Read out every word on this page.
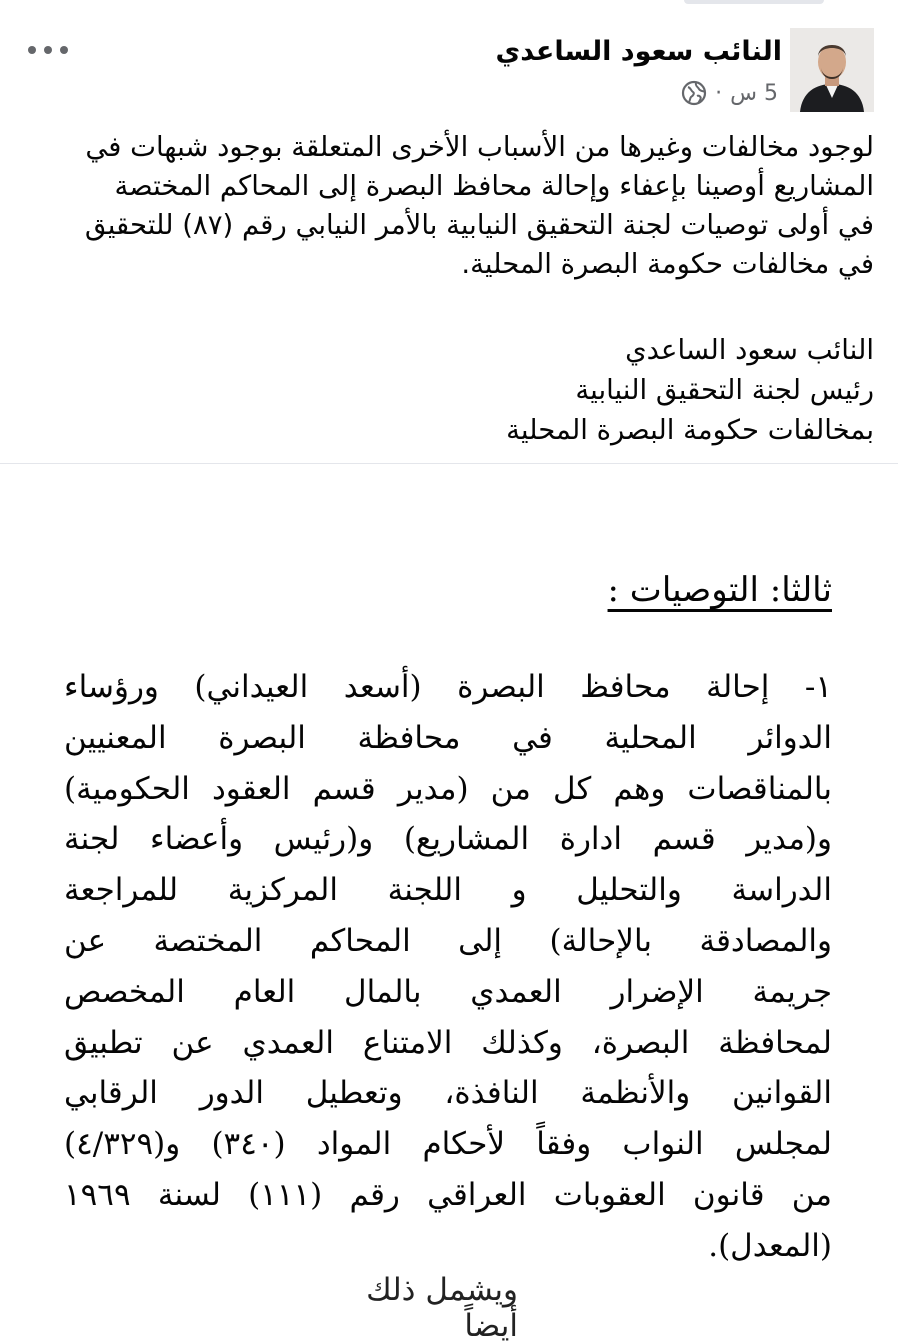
النائب سعود الساعدي
· 5 س
لوجود مخالفات وغيرها من الأسباب الأخرى المتعلقة بوجود شبهات في
المشاريع أوصينا بإعفاء وإحالة محافظ البصرة إلى المحاكم المختصة
في أولى توصيات لجنة التحقيق النيابية بالأمر النيابي رقم (٨٧) للتحقيق
في مخالفات حكومة البصرة المحلية.
النائب سعود الساعدي
رئيس لجنة التحقيق النيابية
بمخالفات حكومة البصرة المحلية
ثالثا: التوصيات :
١- إحالة محافظ البصرة (أسعد العيداني) ورؤساء
الدوائر المحلية في محافظة البصرة المعنيين
بالمناقصات وهم كل من (مدير قسم العقود الحكومية)
و(مدير قسم ادارة المشاريع) و(رئيس وأعضاء لجنة
الدراسة والتحليل و اللجنة المركزية للمراجعة
والمصادقة بالإحالة) إلى المحاكم المختصة عن
جريمة الإضرار العمدي بالمال العام المخصص
لمحافظة البصرة، وكذلك الامتناع العمدي عن تطبيق
القوانين والأنظمة النافذة، وتعطيل الدور الرقابي
لمجلس النواب وفقاً لأحكام المواد (٣٤٠) و(٤/٣٢٩)
من قانون العقوبات العراقي رقم (١١١) لسنة ١٩٦٩
(المعدل).
ويشمل ذلك أيضاً
